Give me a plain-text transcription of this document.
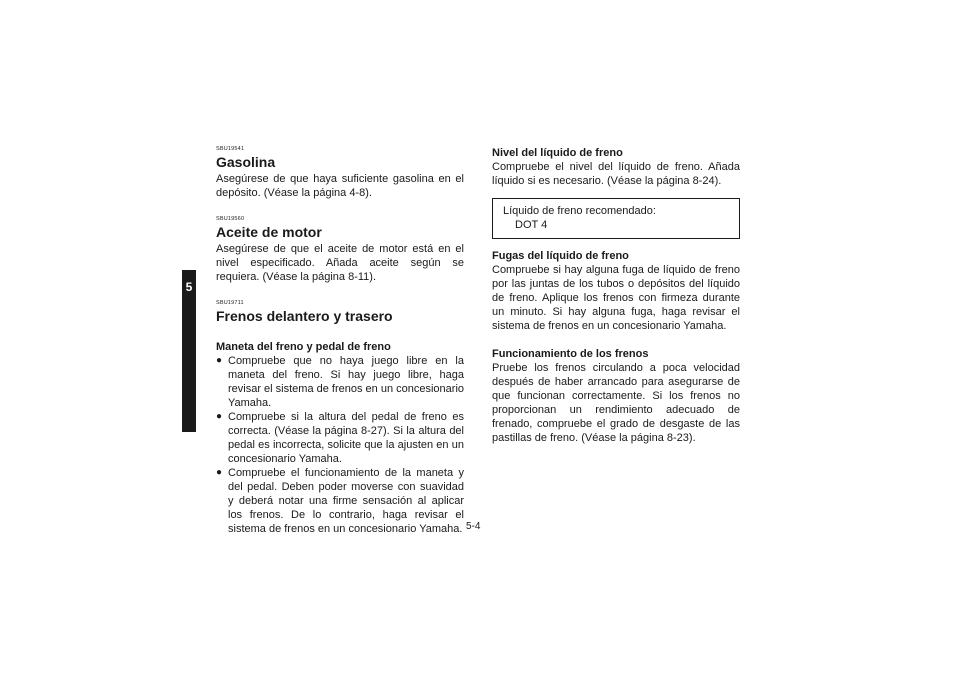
5

SBU19541

Gasolina

Asegúrese de que haya suficiente gasolina en el depósito. (Véase la página 4-8).

SBU19560

Aceite de motor

Asegúrese de que el aceite de motor está en el nivel especificado. Añada aceite según se requiera. (Véase la página 8-11).

SBU19711

Frenos delantero y trasero

Maneta del freno y pedal de freno

● Compruebe que no haya juego libre en la maneta del freno. Si hay juego libre, haga revisar el sistema de frenos en un concesionario Yamaha.
● Compruebe si la altura del pedal de freno es correcta. (Véase la página 8-27). Si la altura del pedal es incorrecta, solicite que la ajusten en un concesionario Yamaha.
● Compruebe el funcionamiento de la maneta y del pedal. Deben poder moverse con suavidad y deberá notar una firme sensación al aplicar los frenos. De lo contrario, haga revisar el sistema de frenos en un concesionario Yamaha.

Nivel del líquido de freno

Compruebe el nivel del líquido de freno. Añada líquido si es necesario. (Véase la página 8-24).

Líquido de freno recomendado:
DOT 4

Fugas del líquido de freno

Compruebe si hay alguna fuga de líquido de freno por las juntas de los tubos o depósitos del líquido de freno. Aplique los frenos con firmeza durante un minuto. Si hay alguna fuga, haga revisar el sistema de frenos en un concesionario Yamaha.

Funcionamiento de los frenos

Pruebe los frenos circulando a poca velocidad después de haber arrancado para asegurarse de que funcionan correctamente. Si los frenos no proporcionan un rendimiento adecuado de frenado, compruebe el grado de desgaste de las pastillas de freno. (Véase la página 8-23).

5-4
